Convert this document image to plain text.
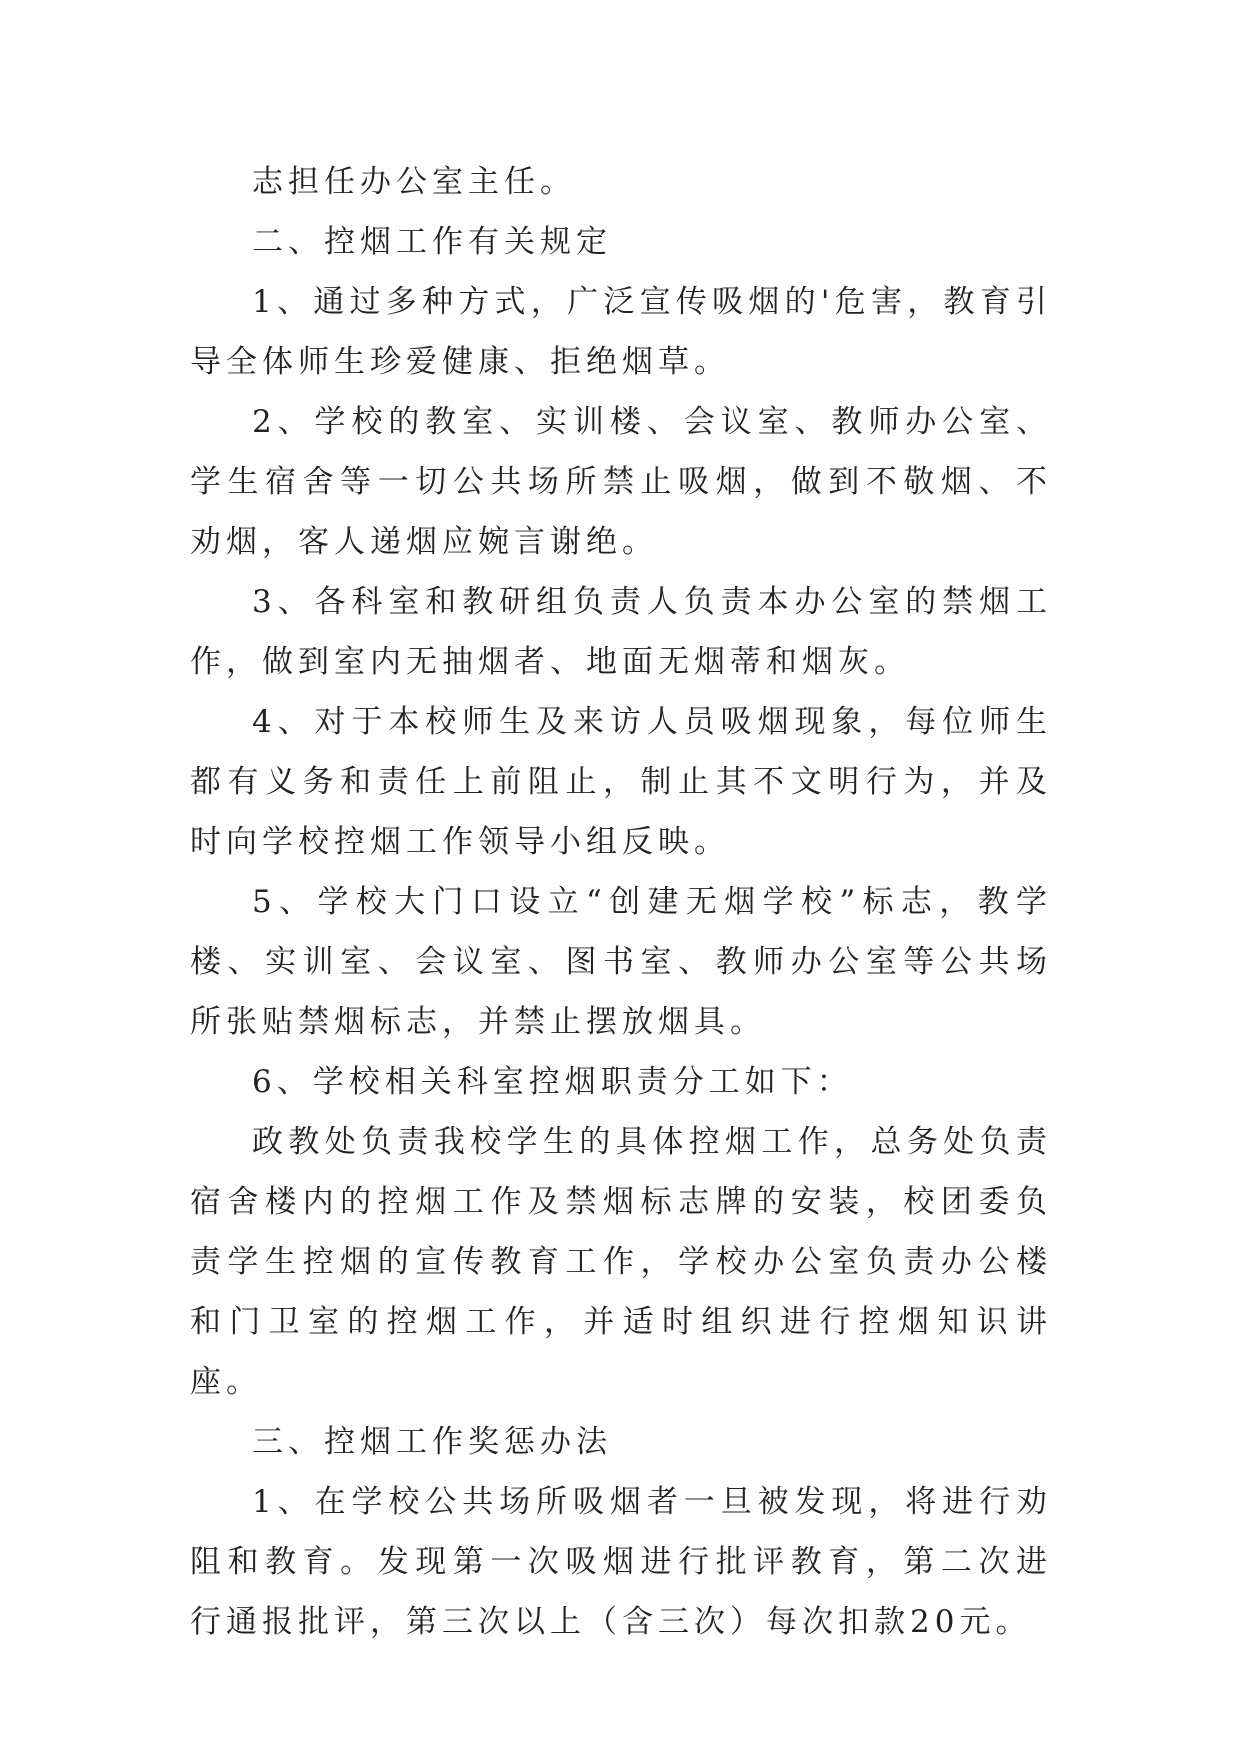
志担任办公室主任。

二、控烟工作有关规定

1、通过多种方式，广泛宣传吸烟的'危害，教育引导全体师生珍爱健康、拒绝烟草。

2、学校的教室、实训楼、会议室、教师办公室、学生宿舍等一切公共场所禁止吸烟，做到不敬烟、不劝烟，客人递烟应婉言谢绝。

3、各科室和教研组负责人负责本办公室的禁烟工作，做到室内无抽烟者、地面无烟蒂和烟灰。

4、对于本校师生及来访人员吸烟现象，每位师生都有义务和责任上前阻止，制止其不文明行为，并及时向学校控烟工作领导小组反映。

5、学校大门口设立“创建无烟学校”标志，教学楼、实训室、会议室、图书室、教师办公室等公共场所张贴禁烟标志，并禁止摆放烟具。

6、学校相关科室控烟职责分工如下：

政教处负责我校学生的具体控烟工作，总务处负责宿舍楼内的控烟工作及禁烟标志牌的安装，校团委负责学生控烟的宣传教育工作，学校办公室负责办公楼和门卫室的控烟工作，并适时组织进行控烟知识讲座。

三、控烟工作奖惩办法

1、在学校公共场所吸烟者一旦被发现，将进行劝阻和教育。发现第一次吸烟进行批评教育，第二次进行通报批评，第三次以上（含三次）每次扣款20元。
